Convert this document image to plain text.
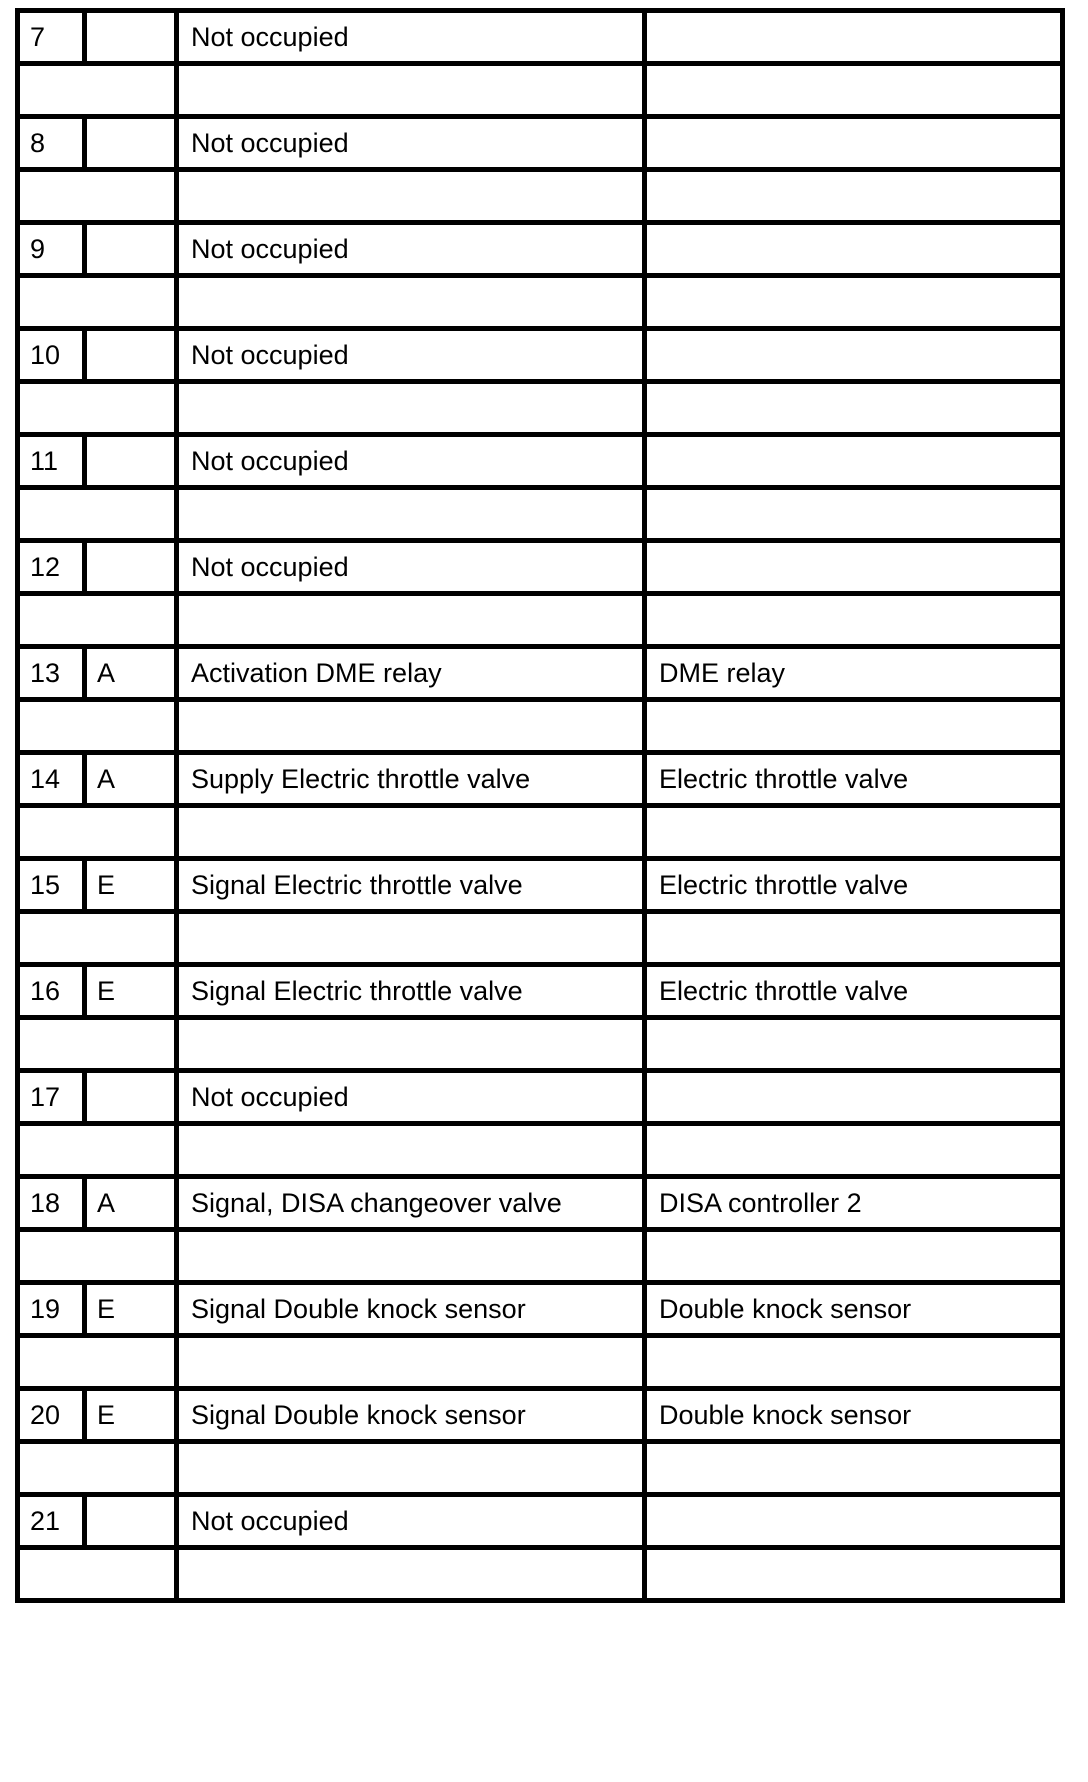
7		Not occupied	

8		Not occupied	

9		Not occupied	

10		Not occupied	

11		Not occupied	

12		Not occupied	

13	A	Activation DME relay	DME relay

14	A	Supply Electric throttle valve	Electric throttle valve

15	E	Signal Electric throttle valve	Electric throttle valve

16	E	Signal Electric throttle valve	Electric throttle valve

17		Not occupied	

18	A	Signal, DISA changeover valve	DISA controller 2

19	E	Signal Double knock sensor	Double knock sensor

20	E	Signal Double knock sensor	Double knock sensor

21		Not occupied	
